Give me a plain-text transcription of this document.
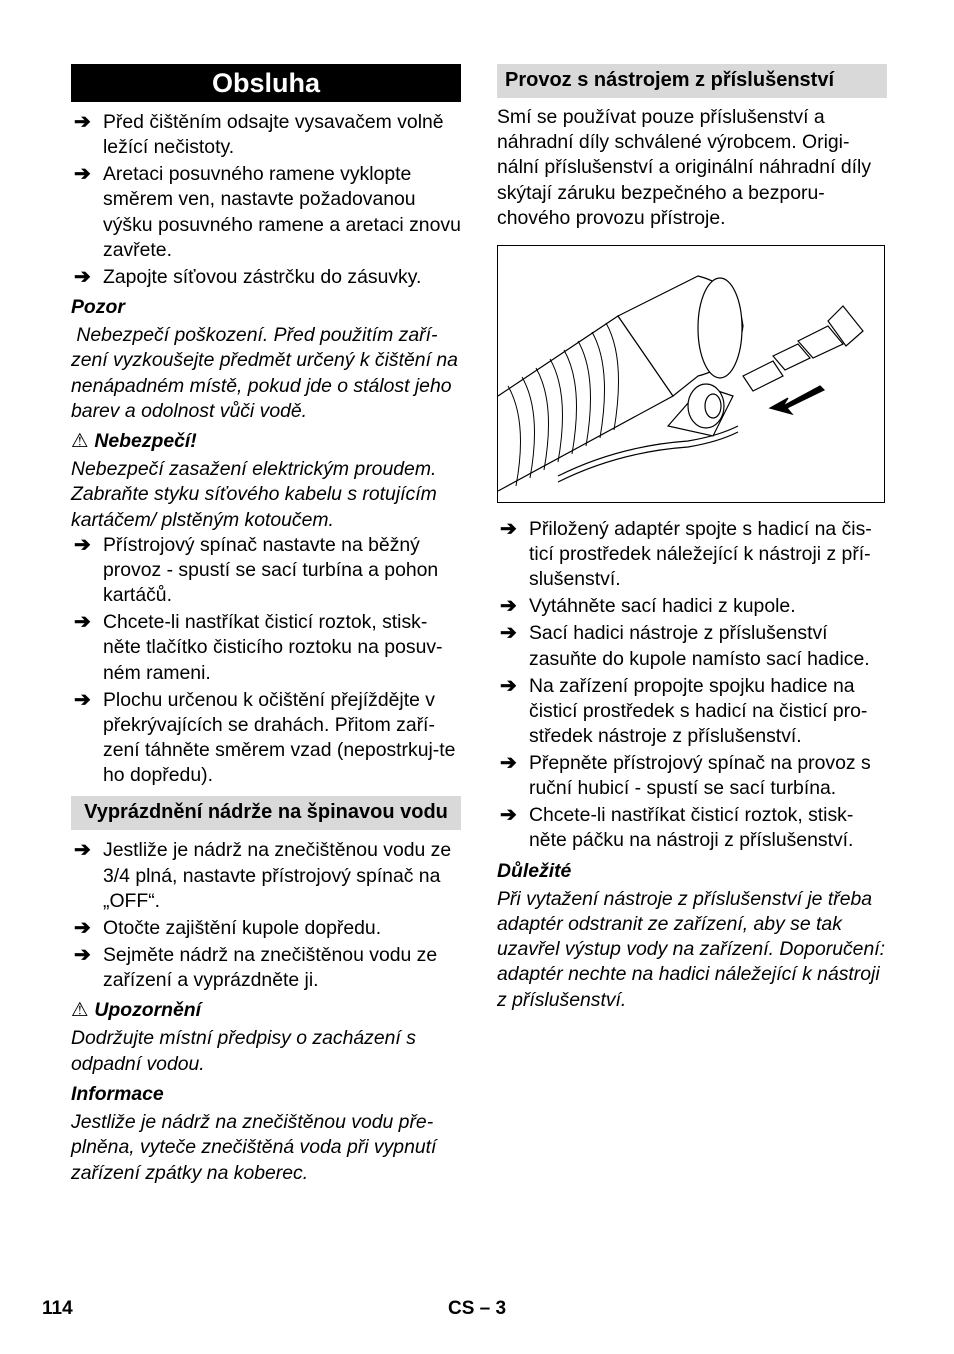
Obsluha
➔ Před čištěním odsajte vysavačem volně ležící nečistoty.
➔ Aretaci posuvného ramene vyklopte směrem ven, nastavte požadovanou výšku posuvného ramene a aretaci znovu zavřete.
➔ Zapojte síťovou zástrčku do zásuvky.

Pozor

Nebezpečí poškození. Před použitím zaří-zení vyzkoušejte předmět určený k čištění na nenápadném místě, pokud jde o stálost jeho barev a odolnost vůči vodě.

⚠ Nebezpečí!

Nebezpečí zasažení elektrickým proudem. Zabraňte styku síťového kabelu s rotujícím kartáčem/ plstěným kotoučem.

➔ Přístrojový spínač nastavte na běžný provoz - spustí se sací turbína a pohon kartáčů.
➔ Chcete-li nastříkat čisticí roztok, stisk-něte tlačítko čisticího roztoku na posuv-ném rameni.
➔ Plochu určenou k očištění přejíždějte v překrývajících se drahách. Přitom zaří-zení táhněte směrem vzad (nepostrkuj-te ho dopředu).
Vyprázdnění nádrže na špinavou vodu
➔ Jestliže je nádrž na znečištěnou vodu ze 3/4 plná, nastavte přístrojový spínač na „OFF“.
➔ Otočte zajištění kupole dopředu.
➔ Sejměte nádrž na znečištěnou vodu ze zařízení a vyprázdněte ji.

⚠ Upozornění

Dodržujte místní předpisy o zacházení s odpadní vodou.

Informace

Jestliže je nádrž na znečištěnou vodu pře-plněna, vyteče znečištěná voda při vypnutí zařízení zpátky na koberec.

Provoz s nástrojem z příslušenství

Smí se používat pouze příslušenství a náhradní díly schválené výrobcem. Origi-nální příslušenství a originální náhradní díly skýtají záruku bezpečného a bezporu-chového provozu přístroje.

➔ Přiložený adaptér spojte s hadicí na čis-ticí prostředek náležející k nástroji z pří-slušenství.
➔ Vytáhněte sací hadici z kupole.
➔ Sací hadici nástroje z příslušenství zasuňte do kupole namísto sací hadice.
➔ Na zařízení propojte spojku hadice na čisticí prostředek s hadicí na čisticí pro-středek nástroje z příslušenství.
➔ Přepněte přístrojový spínač na provoz s ruční hubicí - spustí se sací turbína.
➔ Chcete-li nastříkat čisticí roztok, stisk-něte páčku na nástroji z příslušenství.

Důležité

Při vytažení nástroje z příslušenství je třeba adaptér odstranit ze zařízení, aby se tak uzavřel výstup vody na zařízení. Doporučení: adaptér nechte na hadici náležející k nástroji z příslušenství.

114	CS – 3
